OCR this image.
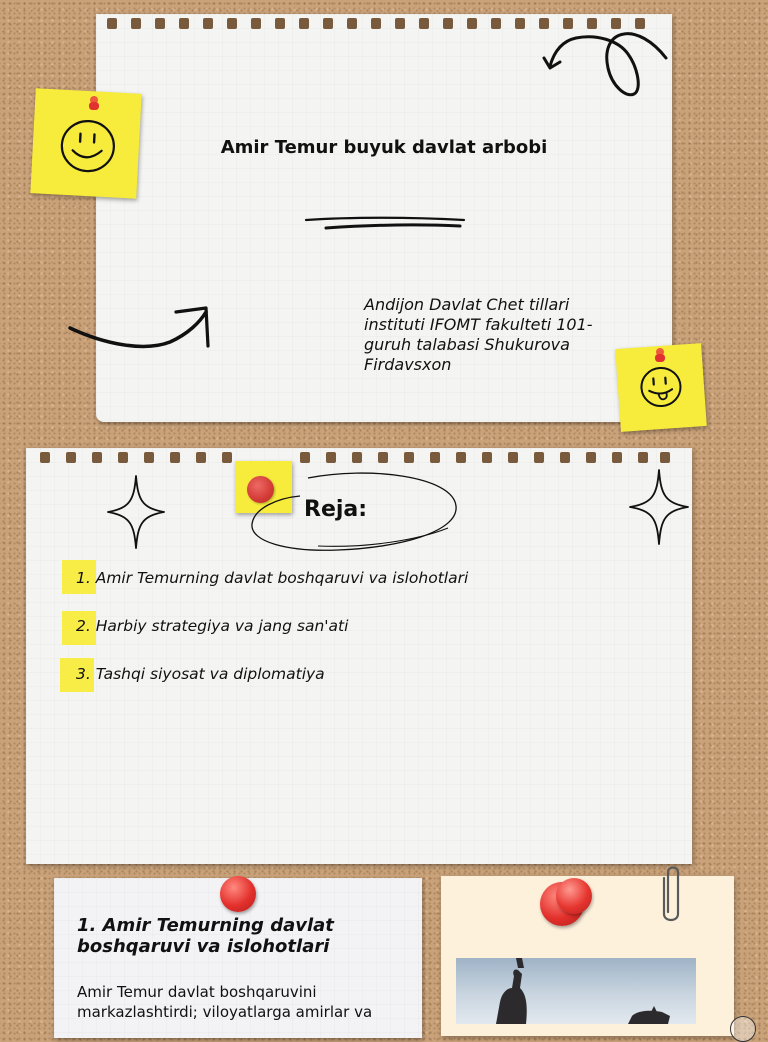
Amir Temur buyuk davlat arbobi

Andijon Davlat Chet tillari instituti IFOMT fakulteti 101-guruh talabasi Shukurova Firdavsxon

Reja:
1. Amir Temurning davlat boshqaruvi va islohotlari
2. Harbiy strategiya va jang san'ati
3. Tashqi siyosat va diplomatiya
1. Amir Temurning davlat boshqaruvi va islohotlari

Amir Temur davlat boshqaruvini markazlashtirdi; viloyatlarga amirlar va
